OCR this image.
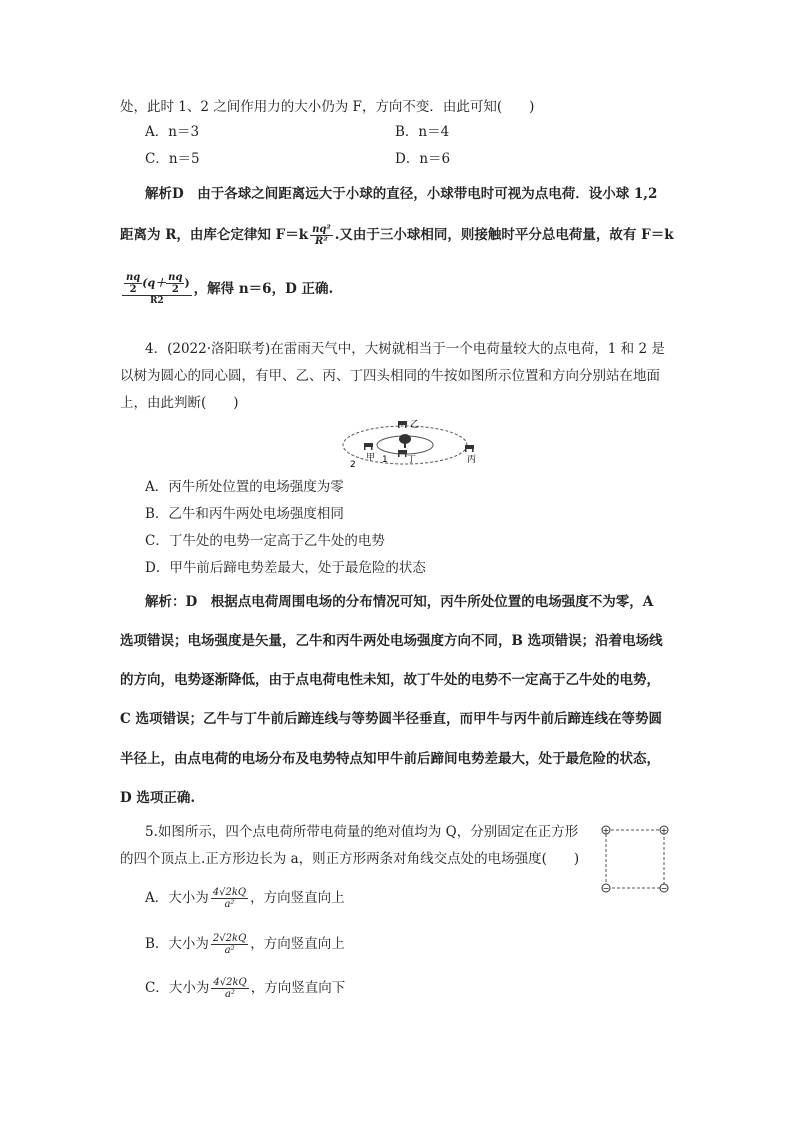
处，此时 1、2 之间作用力的大小仍为 F，方向不变．由此可知(　　)
A．n＝3	B．n＝4
C．n＝5	D．n＝6
解析D　由于各球之间距离远大于小球的直径，小球带电时可视为点电荷．设小球 1,2
距离为 R，由库仑定律知 $F=k \frac{\text{nq²}}{\text{R²}}$ .又由于三小球相同，则接触时平分总电荷量，故有 F＝k
$\frac{\frac{nq}{2} (q+ \frac{nq}{2} )}{R2}$ ，解得 n＝6，D 正确.
4．(2022·洛阳联考)在雷雨天气中，大树就相当于一个电荷量较大的点电荷，1 和 2 是
以树为圆心的同心圆，有甲、乙、丙、丁四头相同的牛按如图所示位置和方向分别站在地面
上，由此判断(　　)
乙
甲 1 丁
2	丙
A．丙牛所处位置的电场强度为零
B．乙牛和丙牛两处电场强度相同
C．丁牛处的电势一定高于乙牛处的电势
D．甲牛前后蹄电势差最大，处于最危险的状态
解析：D　根据点电荷周围电场的分布情况可知，丙牛所处位置的电场强度不为零，A
选项错误；电场强度是矢量，乙牛和丙牛两处电场强度方向不同，B 选项错误；沿着电场线
的方向，电势逐渐降低，由于点电荷电性未知，故丁牛处的电势不一定高于乙牛处的电势，
C 选项错误；乙牛与丁牛前后蹄连线与等势圆半径垂直，而甲牛与丙牛前后蹄连线在等势圆
半径上，由点电荷的电场分布及电势特点知甲牛前后蹄间电势差最大，处于最危险的状态，
D 选项正确.
5.如图所示，四个点电荷所带电荷量的绝对值均为 Q，分别固定在正方形
的四个顶点上.正方形边长为 a，则正方形两条对角线交点处的电场强度(　　)
+	+
−	−
A．大小为 $\frac{4√2kQ}{\text{a²}}$ ，方向竖直向上
B．大小为 $\frac{2√2kQ}{\text{a²}}$ ，方向竖直向上
C．大小为 $\frac{4√2kQ}{\text{a²}}$ ，方向竖直向下
